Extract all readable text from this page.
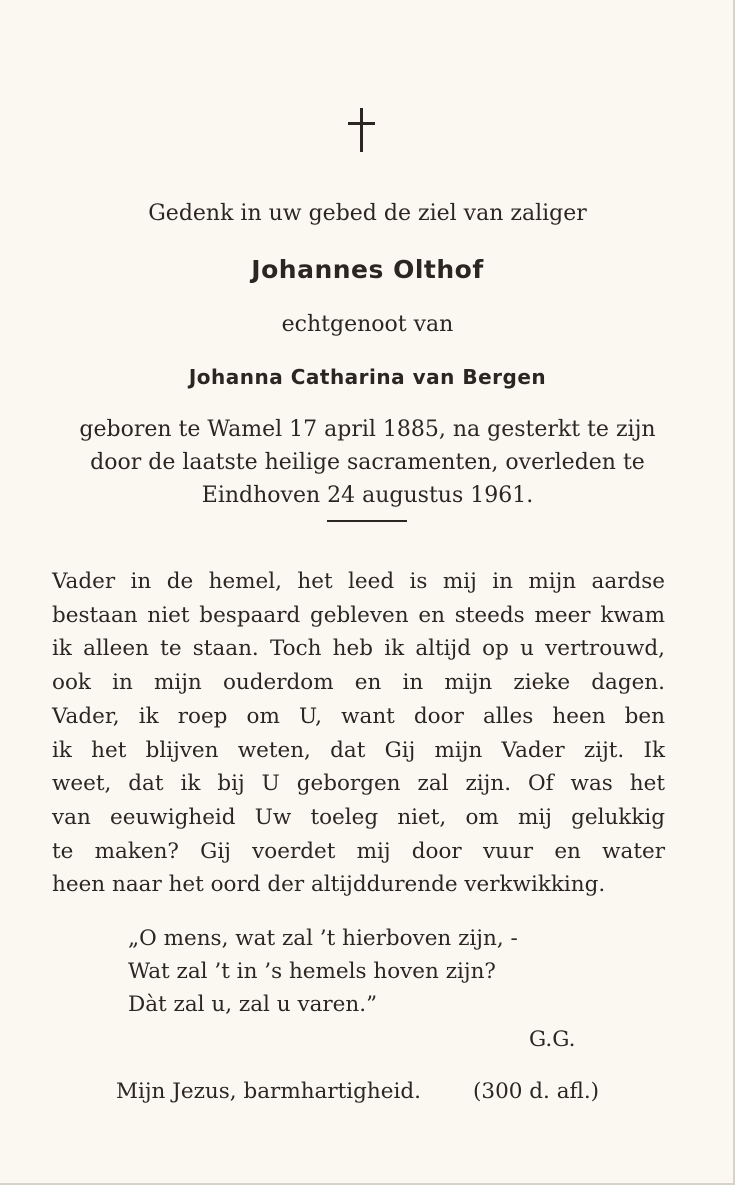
Gedenk in uw gebed de ziel van zaliger
Johannes Olthof
echtgenoot van
Johanna Catharina van Bergen
geboren te Wamel 17 april 1885, na gesterkt te zijn
door de laatste heilige sacramenten, overleden te
Eindhoven 24 augustus 1961.
Vader in de hemel, het leed is mij in mijn aardse
bestaan niet bespaard gebleven en steeds meer kwam
ik alleen te staan. Toch heb ik altijd op u vertrouwd,
ook in mijn ouderdom en in mijn zieke dagen.
Vader, ik roep om U, want door alles heen ben
ik het blijven weten, dat Gij mijn Vader zijt. Ik
weet, dat ik bij U geborgen zal zijn. Of was het
van eeuwigheid Uw toeleg niet, om mij gelukkig
te maken? Gij voerdet mij door vuur en water
heen naar het oord der altijddurende verkwikking.
„O mens, wat zal ’t hierboven zijn, -
Wat zal ’t in ’s hemels hoven zijn?
Dàt zal u, zal u varen.”
G.G.
Mijn Jezus, barmhartigheid. (300 d. afl.)
